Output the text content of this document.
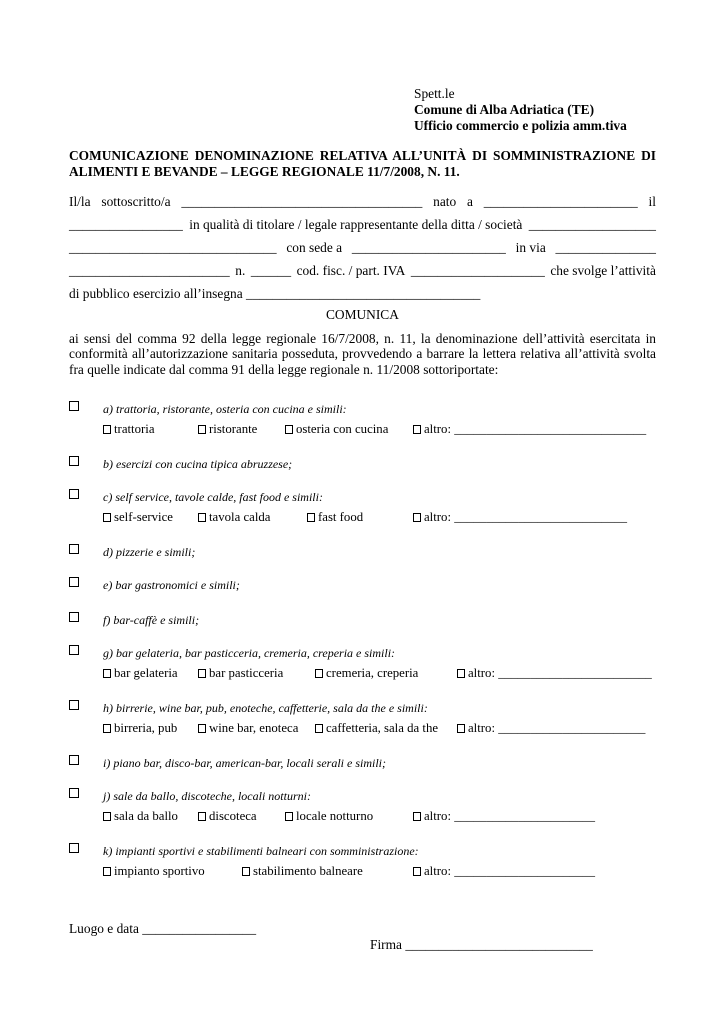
Spett.le
Comune di Alba Adriatica (TE)
Ufficio commercio e polizia amm.tiva
COMUNICAZIONE DENOMINAZIONE RELATIVA ALL’UNITÀ DI SOMMINISTRAZIONE DI ALIMENTI E BEVANDE – LEGGE REGIONALE 11/7/2008, N. 11.
Il/la sottoscritto/a ____________________________________ nato a _______________________ il
_________________ in qualità di titolare / legale rappresentante della ditta / società ___________________
_______________________________ con sede a _______________________ in via _______________
________________________ n. ______ cod. fisc. / part. IVA ____________________ che svolge l’attività
di pubblico esercizio all’insegna ___________________________________
COMUNICA
ai sensi del comma 92 della legge regionale 16/7/2008, n. 11, la denominazione dell’attività esercitata in conformità all’autorizzazione sanitaria posseduta, provvedendo a barrare la lettera relativa all’attività svolta fra quelle indicate dal comma 91 della legge regionale n. 11/2008 sottoriportate:
a) trattoria, ristorante, osteria con cucina e simili:
trattoria	ristorante	osteria con cucina	altro: ______________________________
b) esercizi con cucina tipica abruzzese;
c) self service, tavole calde, fast food e simili:
self-service	tavola calda	fast food	altro: ___________________________
d) pizzerie e simili;
e) bar gastronomici e simili;
f) bar-caffè e simili;
g) bar gelateria, bar pasticceria, cremeria, creperia e simili:
bar gelateria	bar pasticceria	cremeria, creperia	altro: ________________________
h) birrerie, wine bar, pub, enoteche, caffetterie, sala da the e simili:
birreria, pub	wine bar, enoteca	caffetteria, sala da the	altro: _______________________
i) piano bar, disco-bar, american-bar, locali serali e simili;
j) sale da ballo, discoteche, locali notturni:
sala da ballo	discoteca	locale notturno	altro: ______________________
k) impianti sportivi e stabilimenti balneari con somministrazione:
impianto sportivo	stabilimento balneare	altro: ______________________
Luogo e data _________________
Firma ____________________________
